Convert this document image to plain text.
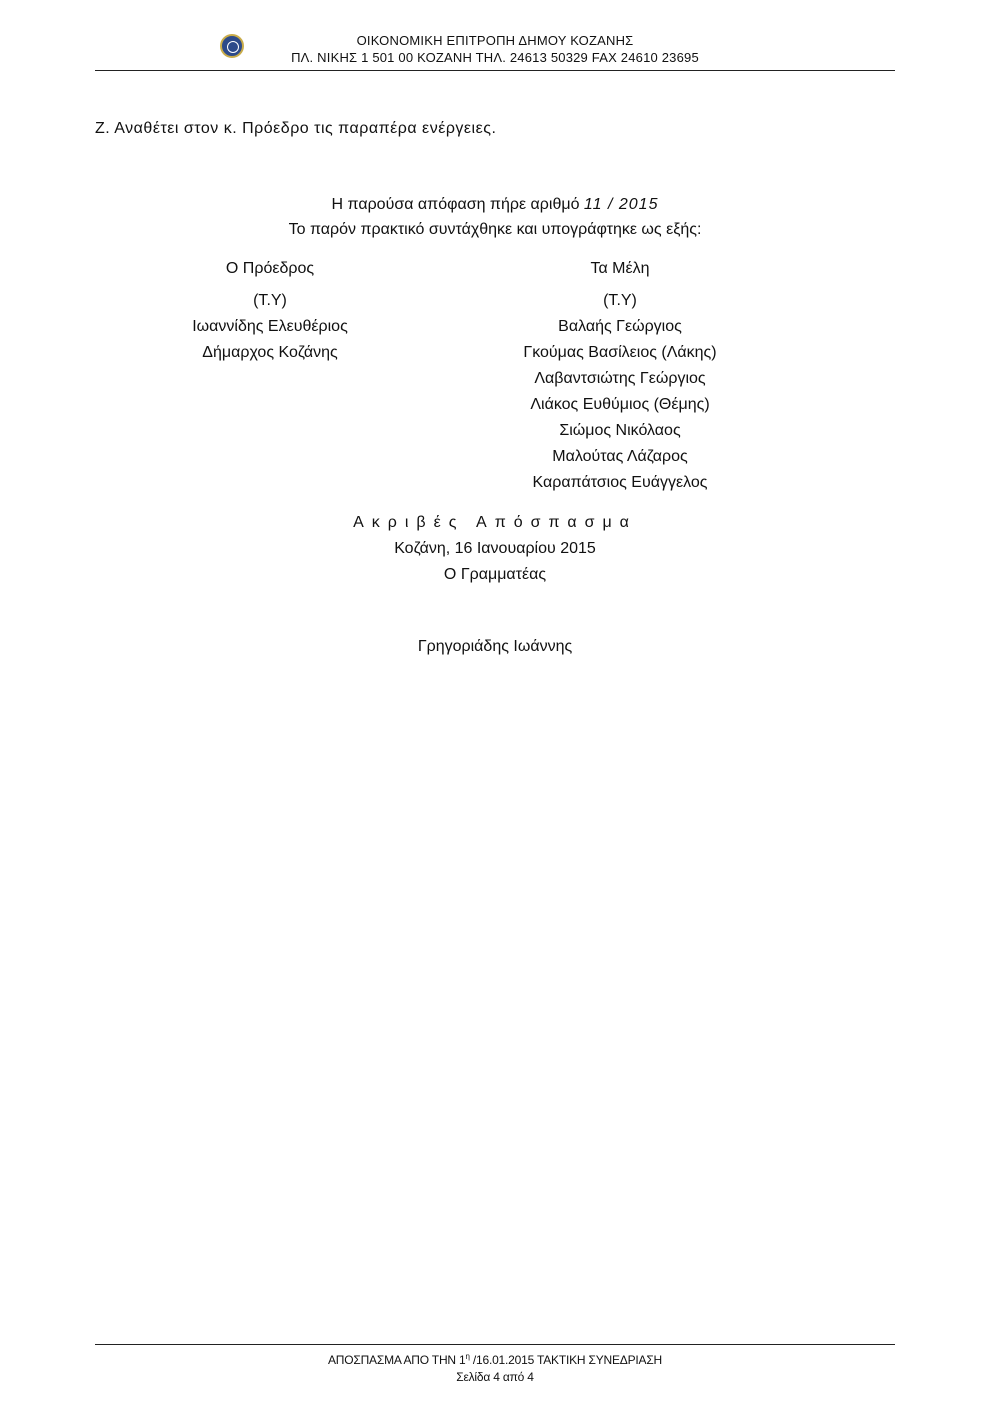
ΟΙΚΟΝΟΜΙΚΗ ΕΠΙΤΡΟΠΗ ΔΗΜΟΥ ΚΟΖΑΝΗΣ
ΠΛ. ΝΙΚΗΣ 1 501 00 ΚΟΖΑΝΗ ΤΗΛ. 24613 50329 FAX 24610 23695
Ζ. Αναθέτει στον κ. Πρόεδρο τις παραπέρα ενέργειες.
Η παρούσα απόφαση πήρε αριθμό 11 / 2015
Το παρόν πρακτικό συντάχθηκε και υπογράφτηκε ως εξής:
Ο Πρόεδρος
(Τ.Υ)
Ιωαννίδης Ελευθέριος
Δήμαρχος Κοζάνης
Τα Μέλη
(Τ.Υ)
Βαλαής Γεώργιος
Γκούμας Βασίλειος (Λάκης)
Λαβαντσιώτης Γεώργιος
Λιάκος Ευθύμιος (Θέμης)
Σιώμος Νικόλαος
Μαλούτας Λάζαρος
Καραπάτσιος Ευάγγελος
Ακριβές Απόσπασμα
Κοζάνη, 16 Ιανουαρίου 2015
Ο Γραμματέας
Γρηγοριάδης Ιωάννης
ΑΠΟΣΠΑΣΜΑ ΑΠΟ ΤΗΝ $1^\eta$ /16.01.2015 ΤΑΚΤΙΚΗ ΣΥΝΕΔΡΙΑΣΗ
Σελίδα 4 από 4
